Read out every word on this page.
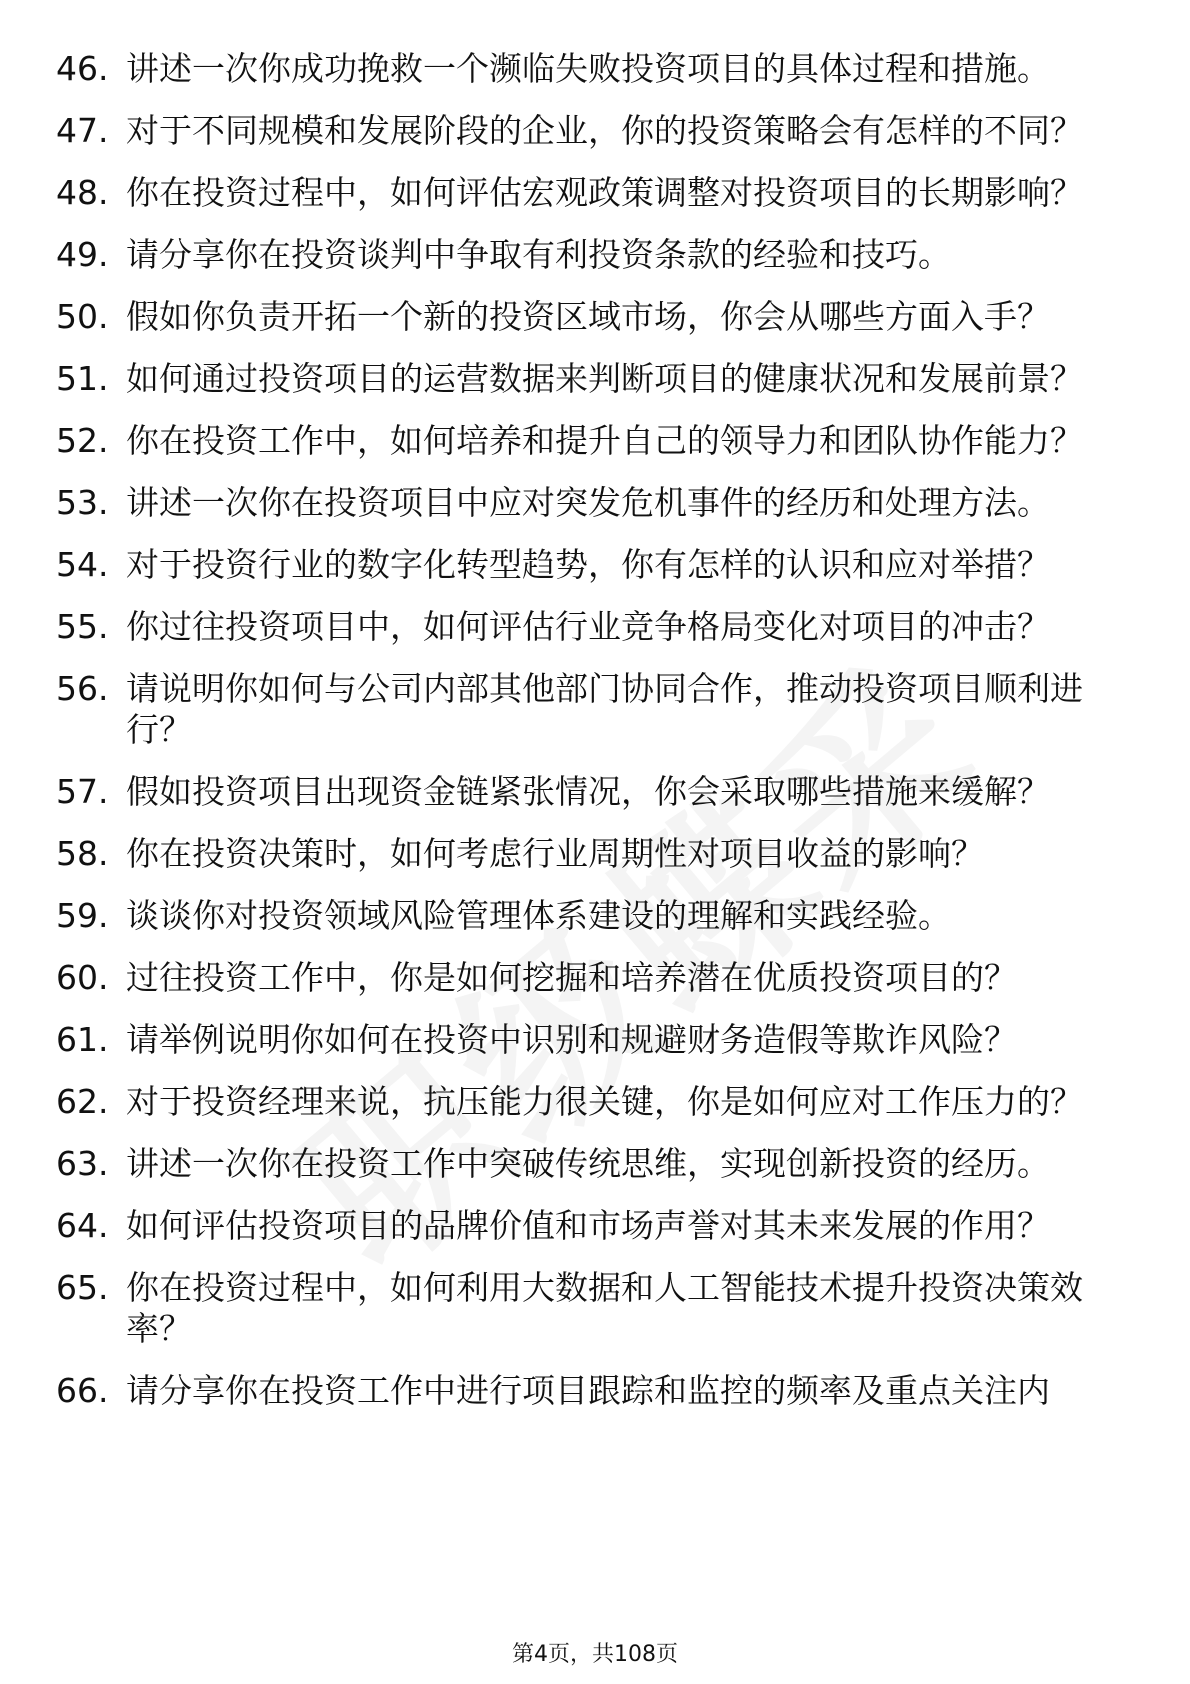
46. 讲述一次你成功挽救一个濒临失败投资项目的具体过程和措施。
47. 对于不同规模和发展阶段的企业，你的投资策略会有怎样的不同？
48. 你在投资过程中，如何评估宏观政策调整对投资项目的长期影响？
49. 请分享你在投资谈判中争取有利投资条款的经验和技巧。
50. 假如你负责开拓一个新的投资区域市场，你会从哪些方面入手？
51. 如何通过投资项目的运营数据来判断项目的健康状况和发展前景？
52. 你在投资工作中，如何培养和提升自己的领导力和团队协作能力？
53. 讲述一次你在投资项目中应对突发危机事件的经历和处理方法。
54. 对于投资行业的数字化转型趋势，你有怎样的认识和应对举措？
55. 你过往投资项目中，如何评估行业竞争格局变化对项目的冲击？
56. 请说明你如何与公司内部其他部门协同合作，推动投资项目顺利进行？
57. 假如投资项目出现资金链紧张情况，你会采取哪些措施来缓解？
58. 你在投资决策时，如何考虑行业周期性对项目收益的影响？
59. 谈谈你对投资领域风险管理体系建设的理解和实践经验。
60. 过往投资工作中，你是如何挖掘和培养潜在优质投资项目的？
61. 请举例说明你如何在投资中识别和规避财务造假等欺诈风险？
62. 对于投资经理来说，抗压能力很关键，你是如何应对工作压力的？
63. 讲述一次你在投资工作中突破传统思维，实现创新投资的经历。
64. 如何评估投资项目的品牌价值和市场声誉对其未来发展的作用？
65. 你在投资过程中，如何利用大数据和人工智能技术提升投资决策效率？
66. 请分享你在投资工作中进行项目跟踪和监控的频率及重点关注内
第4页，共108页
